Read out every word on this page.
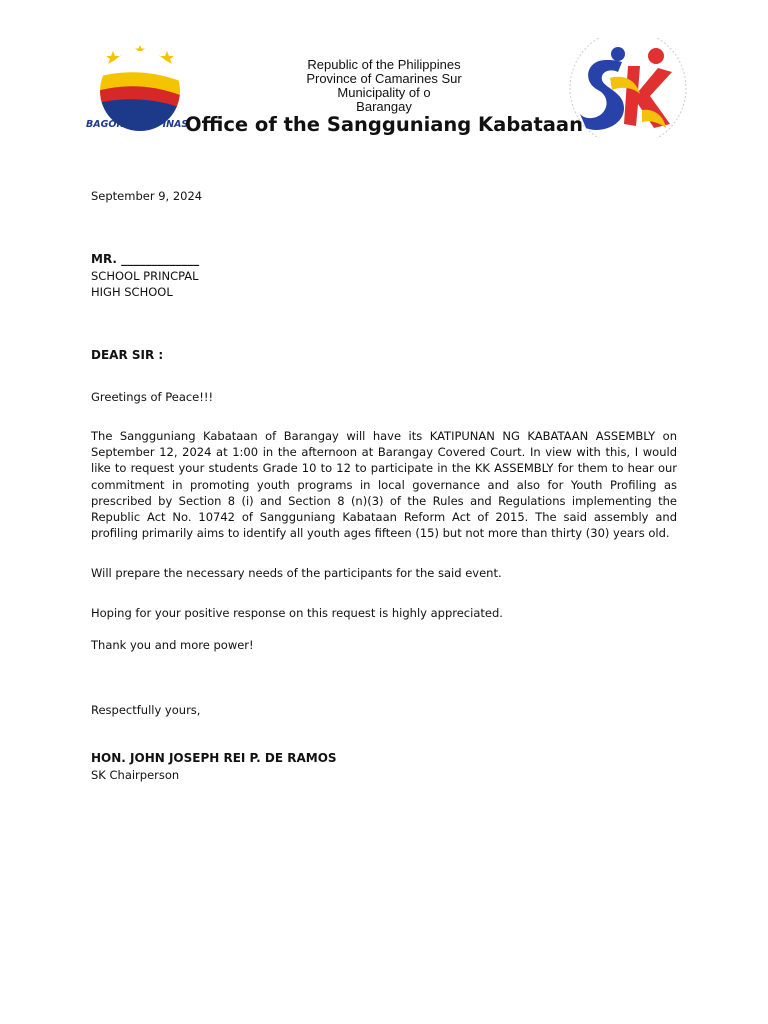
BAGONG PILIPINAS
Republic of the Philippines
Province of Camarines Sur
Municipality of o
Barangay
Office of the Sangguniang Kabataan
September 9, 2024
MR. _____________
SCHOOL PRINCPAL
HIGH SCHOOL
DEAR SIR :
Greetings of Peace!!!
The Sangguniang Kabataan of Barangay will have its KATIPUNAN NG KABATAAN ASSEMBLY on September 12, 2024 at 1:00 in the afternoon at Barangay Covered Court. In view with this, I would like to request your students Grade 10 to 12 to participate in the KK ASSEMBLY for them to hear our commitment in promoting youth programs in local governance and also for Youth Profiling as prescribed by Section 8 (i) and Section 8 (n)(3) of the Rules and Regulations implementing the Republic Act No. 10742 of Sangguniang Kabataan Reform Act of 2015. The said assembly and profiling primarily aims to identify all youth ages fifteen (15) but not more than thirty (30) years old.
Will prepare the necessary needs of the participants for the said event.
Hoping for your positive response on this request is highly appreciated.
Thank you and more power!
Respectfully yours,
HON. JOHN JOSEPH REI P. DE RAMOS
SK Chairperson
